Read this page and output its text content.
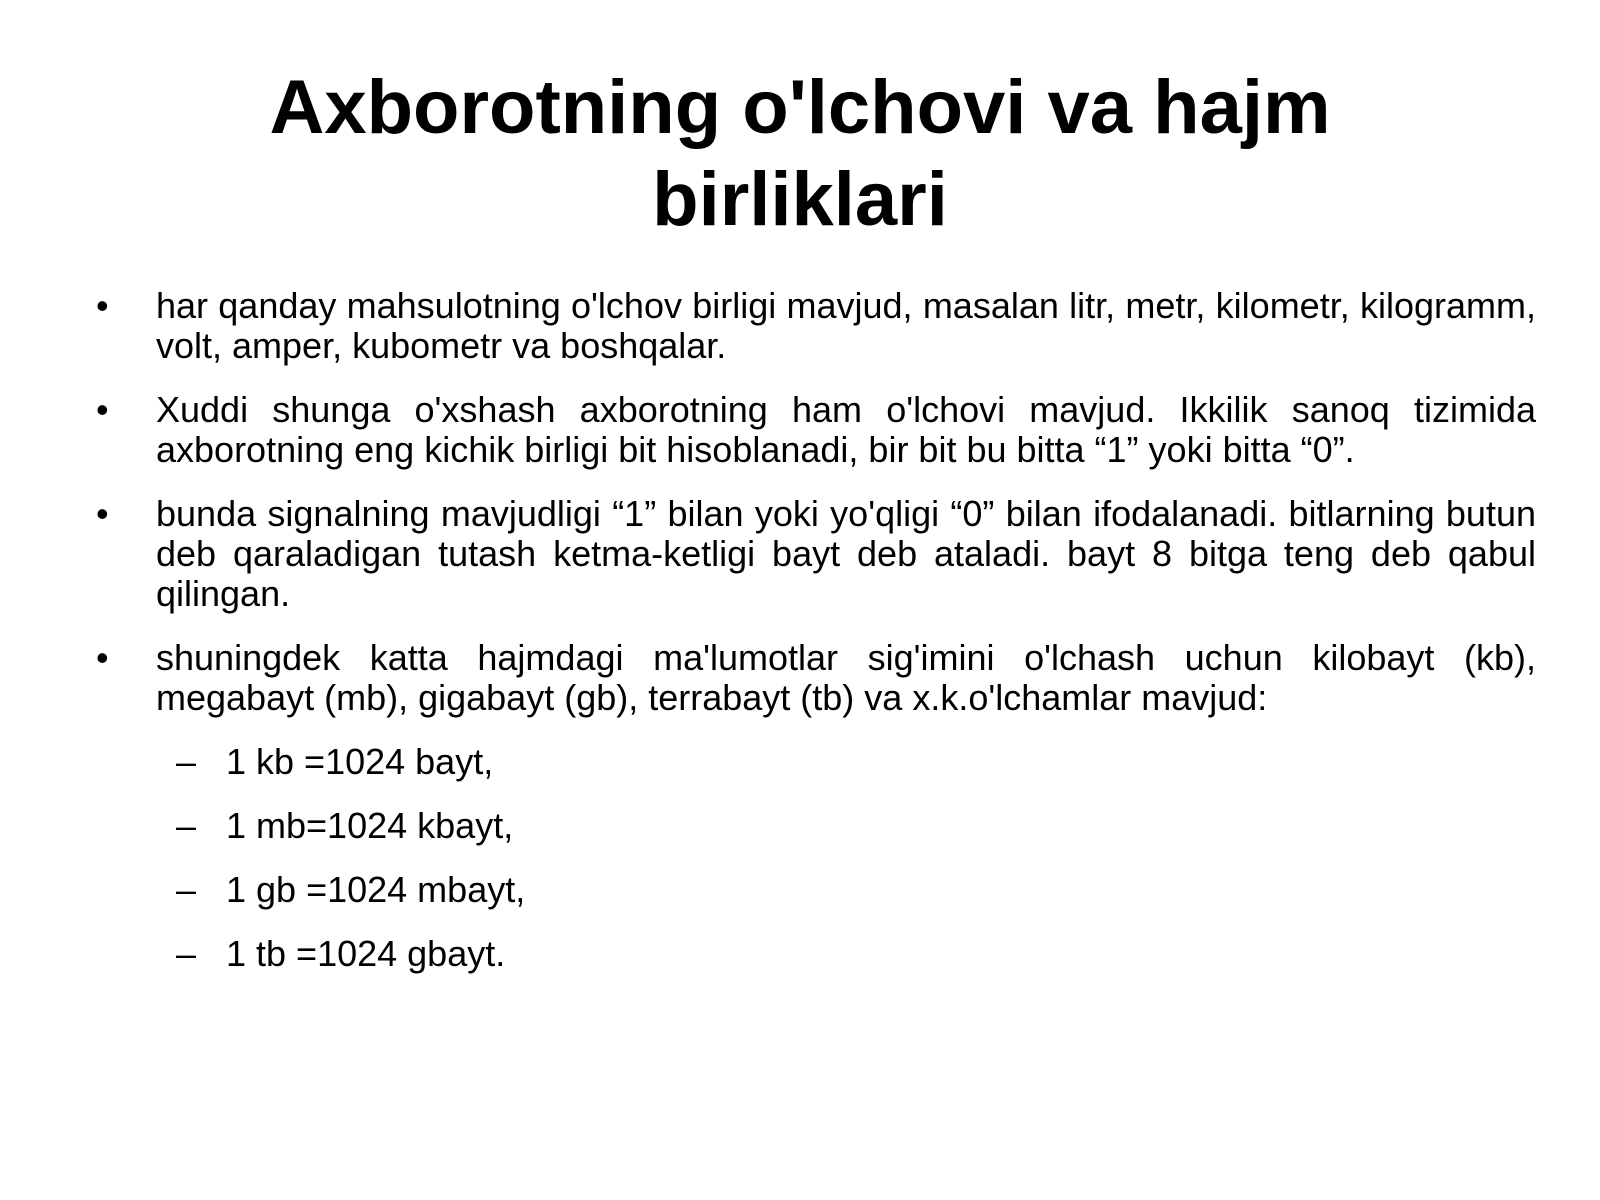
Axborotning o'lchovi va hajm birliklari
•	har qanday mahsulotning o'lchov birligi mavjud, masalan litr, metr, kilometr, kilogramm, volt, amper, kubometr va boshqalar.
•	Xuddi shunga o'xshash axborotning ham o'lchovi mavjud. Ikkilik sanoq tizimida axborotning eng kichik birligi bit hisoblanadi, bir bit bu bitta “1” yoki bitta “0”.
•	bunda signalning mavjudligi “1” bilan yoki yo'qligi “0” bilan ifodalanadi. bitlarning butun deb qaraladigan tutash ketma-ketligi bayt deb ataladi. bayt 8 bitga teng deb qabul qilingan.
•	shuningdek katta hajmdagi ma'lumotlar sig'imini o'lchash uchun kilobayt (kb), megabayt (mb), gigabayt (gb), terrabayt (tb) va x.k.o'lchamlar mavjud:
– 1 kb =1024 bayt,
– 1 mb=1024 kbayt,
– 1 gb =1024 mbayt,
– 1 tb =1024 gbayt.
